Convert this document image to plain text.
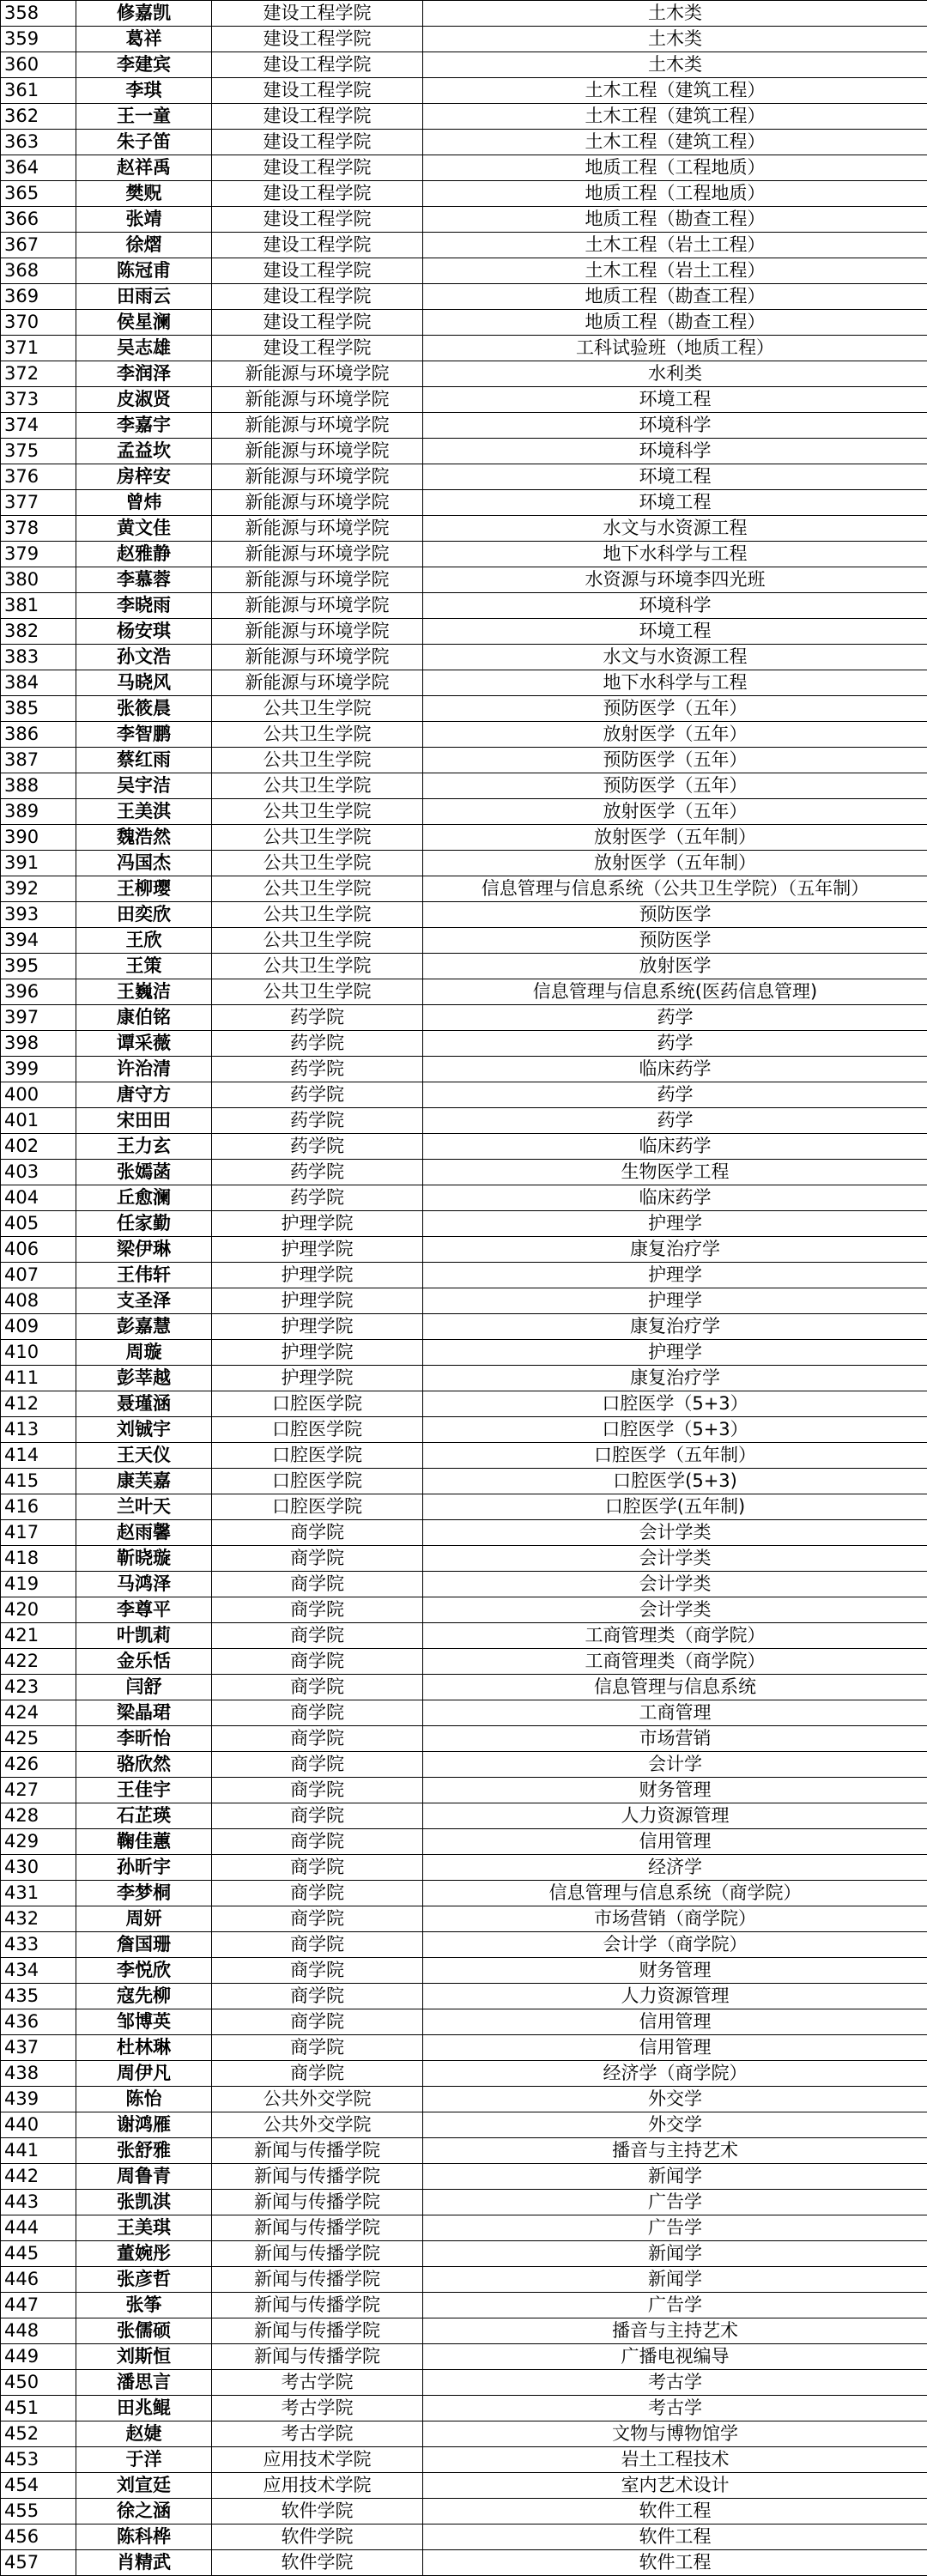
358	修嘉凯	建设工程学院	土木类
359	葛祥	建设工程学院	土木类
360	李建宾	建设工程学院	土木类
361	李琪	建设工程学院	土木工程（建筑工程）
362	王一童	建设工程学院	土木工程（建筑工程）
363	朱子笛	建设工程学院	土木工程（建筑工程）
364	赵祥禹	建设工程学院	地质工程（工程地质）
365	樊贶	建设工程学院	地质工程（工程地质）
366	张靖	建设工程学院	地质工程（勘查工程）
367	徐熠	建设工程学院	土木工程（岩土工程）
368	陈冠甫	建设工程学院	土木工程（岩土工程）
369	田雨云	建设工程学院	地质工程（勘查工程）
370	侯星澜	建设工程学院	地质工程（勘查工程）
371	吴志雄	建设工程学院	工科试验班（地质工程）
372	李润泽	新能源与环境学院	水利类
373	皮淑贤	新能源与环境学院	环境工程
374	李嘉宇	新能源与环境学院	环境科学
375	孟益坎	新能源与环境学院	环境科学
376	房梓安	新能源与环境学院	环境工程
377	曾炜	新能源与环境学院	环境工程
378	黄文佳	新能源与环境学院	水文与水资源工程
379	赵雅静	新能源与环境学院	地下水科学与工程
380	李慕蓉	新能源与环境学院	水资源与环境李四光班
381	李晓雨	新能源与环境学院	环境科学
382	杨安琪	新能源与环境学院	环境工程
383	孙文浩	新能源与环境学院	水文与水资源工程
384	马晓风	新能源与环境学院	地下水科学与工程
385	张筱晨	公共卫生学院	预防医学（五年）
386	李智鹏	公共卫生学院	放射医学（五年）
387	蔡红雨	公共卫生学院	预防医学（五年）
388	吴宇洁	公共卫生学院	预防医学（五年）
389	王美淇	公共卫生学院	放射医学（五年）
390	魏浩然	公共卫生学院	放射医学（五年制）
391	冯国杰	公共卫生学院	放射医学（五年制）
392	王柳璎	公共卫生学院	信息管理与信息系统（公共卫生学院）（五年制）
393	田奕欣	公共卫生学院	预防医学
394	王欣	公共卫生学院	预防医学
395	王策	公共卫生学院	放射医学
396	王巍洁	公共卫生学院	信息管理与信息系统(医药信息管理)
397	康伯铭	药学院	药学
398	谭采薇	药学院	药学
399	许治清	药学院	临床药学
400	唐守方	药学院	药学
401	宋田田	药学院	药学
402	王力玄	药学院	临床药学
403	张嫣菡	药学院	生物医学工程
404	丘愈澜	药学院	临床药学
405	任家勤	护理学院	护理学
406	梁伊琳	护理学院	康复治疗学
407	王伟轩	护理学院	护理学
408	支圣泽	护理学院	护理学
409	彭嘉慧	护理学院	康复治疗学
410	周璇	护理学院	护理学
411	彭莘越	护理学院	康复治疗学
412	聂瑾涵	口腔医学院	口腔医学（5+3）
413	刘铖宇	口腔医学院	口腔医学（5+3）
414	王天仪	口腔医学院	口腔医学（五年制）
415	康芙嘉	口腔医学院	口腔医学(5+3)
416	兰叶天	口腔医学院	口腔医学(五年制)
417	赵雨馨	商学院	会计学类
418	靳晓璇	商学院	会计学类
419	马鸿泽	商学院	会计学类
420	李尊平	商学院	会计学类
421	叶凯莉	商学院	工商管理类（商学院）
422	金乐恬	商学院	工商管理类（商学院）
423	闫舒	商学院	信息管理与信息系统
424	梁晶珺	商学院	工商管理
425	李昕怡	商学院	市场营销
426	骆欣然	商学院	会计学
427	王佳宇	商学院	财务管理
428	石芷瑛	商学院	人力资源管理
429	鞠佳蕙	商学院	信用管理
430	孙昕宇	商学院	经济学
431	李梦桐	商学院	信息管理与信息系统（商学院）
432	周妍	商学院	市场营销（商学院）
433	詹国珊	商学院	会计学（商学院）
434	李悦欣	商学院	财务管理
435	寇先柳	商学院	人力资源管理
436	邹博英	商学院	信用管理
437	杜林琳	商学院	信用管理
438	周伊凡	商学院	经济学（商学院）
439	陈怡	公共外交学院	外交学
440	谢鸿雁	公共外交学院	外交学
441	张舒雅	新闻与传播学院	播音与主持艺术
442	周鲁青	新闻与传播学院	新闻学
443	张凯淇	新闻与传播学院	广告学
444	王美琪	新闻与传播学院	广告学
445	董婉彤	新闻与传播学院	新闻学
446	张彦哲	新闻与传播学院	新闻学
447	张筝	新闻与传播学院	广告学
448	张儒硕	新闻与传播学院	播音与主持艺术
449	刘斯恒	新闻与传播学院	广播电视编导
450	潘思言	考古学院	考古学
451	田兆鲲	考古学院	考古学
452	赵婕	考古学院	文物与博物馆学
453	于洋	应用技术学院	岩土工程技术
454	刘宣廷	应用技术学院	室内艺术设计
455	徐之涵	软件学院	软件工程
456	陈科桦	软件学院	软件工程
457	肖精武	软件学院	软件工程
